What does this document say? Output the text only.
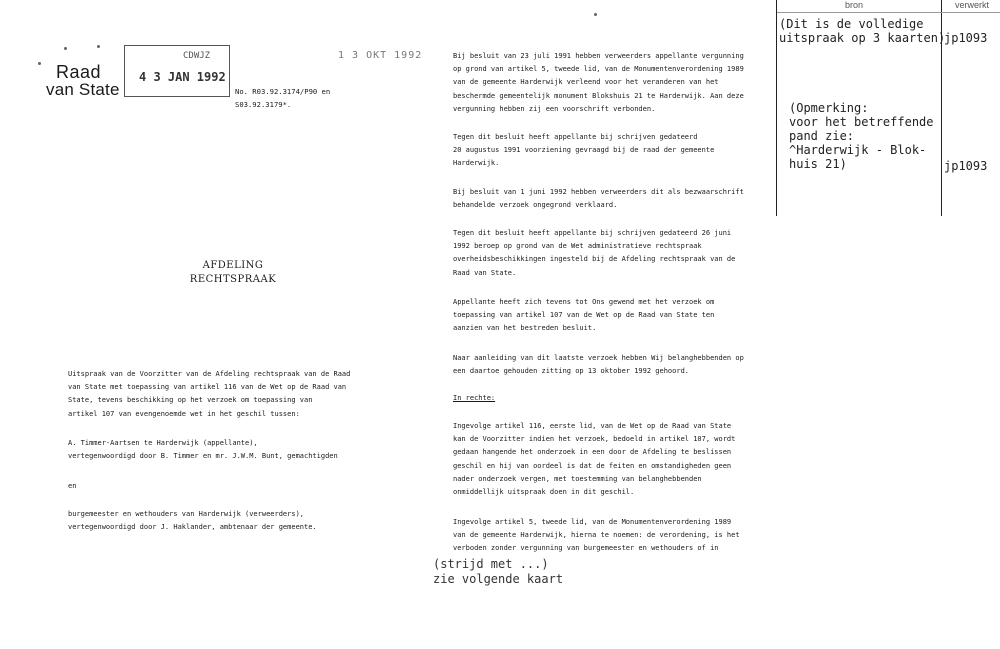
Raad
van State
CDWJZ
4 3 JAN 1992
1 3 OKT 1992
No. R03.92.3174/P90 en
S03.92.3179*.
AFDELING
RECHTSPRAAK
Uitspraak van de Voorzitter van de Afdeling rechtspraak van de Raad
van State met toepassing van artikel 116 van de Wet op de Raad van
State, tevens beschikking op het verzoek om toepassing van
artikel 107 van evengenoemde wet in het geschil tussen:
A. Timmer-Aartsen te Harderwijk (appellante),
vertegenwoordigd door B. Timmer en mr. J.W.M. Bunt, gemachtigden
en
burgemeester en wethouders van Harderwijk (verweerders),
vertegenwoordigd door J. Haklander, ambtenaar der gemeente.
Bij besluit van 23 juli 1991 hebben verweerders appellante vergunning
op grond van artikel 5, tweede lid, van de Monumentenverordening 1989
van de gemeente Harderwijk verleend voor het veranderen van het
beschermde gemeentelijk monument Blokshuis 21 te Harderwijk. Aan deze
vergunning hebben zij een voorschrift verbonden.
Tegen dit besluit heeft appellante bij schrijven gedateerd
20 augustus 1991 voorziening gevraagd bij de raad der gemeente
Harderwijk.
Bij besluit van 1 juni 1992 hebben verweerders dit als bezwaarschrift
behandelde verzoek ongegrond verklaard.
Tegen dit besluit heeft appellante bij schrijven gedateerd 26 juni
1992 beroep op grond van de Wet administratieve rechtspraak
overheidsbeschikkingen ingesteld bij de Afdeling rechtspraak van de
Raad van State.
Appellante heeft zich tevens tot Ons gewend met het verzoek om
toepassing van artikel 107 van de Wet op de Raad van State ten
aanzien van het bestreden besluit.
Naar aanleiding van dit laatste verzoek hebben Wij belanghebbenden op
een daartoe gehouden zitting op 13 oktober 1992 gehoord.
In rechte:
Ingevolge artikel 116, eerste lid, van de Wet op de Raad van State
kan de Voorzitter indien het verzoek, bedoeld in artikel 107, wordt
gedaan hangende het onderzoek in een door de Afdeling te beslissen
geschil en hij van oordeel is dat de feiten en omstandigheden geen
nader onderzoek vergen, met toestemming van belanghebbenden
onmiddellijk uitspraak doen in dit geschil.
Ingevolge artikel 5, tweede lid, van de Monumentenverordening 1989
van de gemeente Harderwijk, hierna te noemen: de verordening, is het
verboden zonder vergunning van burgemeester en wethouders of in
(strijd met ...)
zie volgende kaart
bron	verwerkt
(Dit is de volledige
uitspraak op 3 kaarten)
jp1093
(Opmerking:
voor het betreffende
pand zie:
^Harderwijk - Blok-
huis 21)	jp1093
